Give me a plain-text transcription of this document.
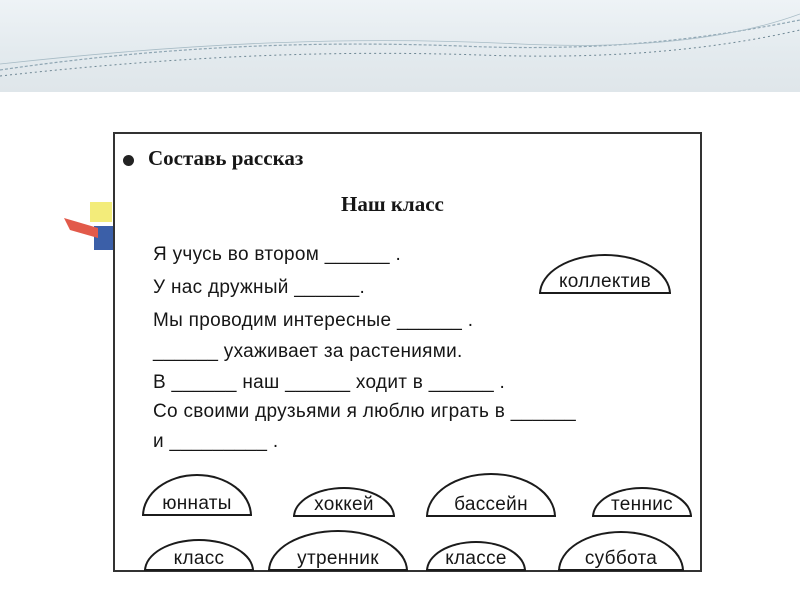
Составь рассказ
Наш класс
Я учусь во втором ______ .
У нас дружный ______.
Мы проводим интересные ______ .
______ ухаживает за растениями.
В ______ наш ______ ходит в ______ .
Со своими друзьями я люблю играть в ______
и _________ .
коллектив
юннаты	хоккей	бассейн	теннис
класс	утренник	классе	суббота
